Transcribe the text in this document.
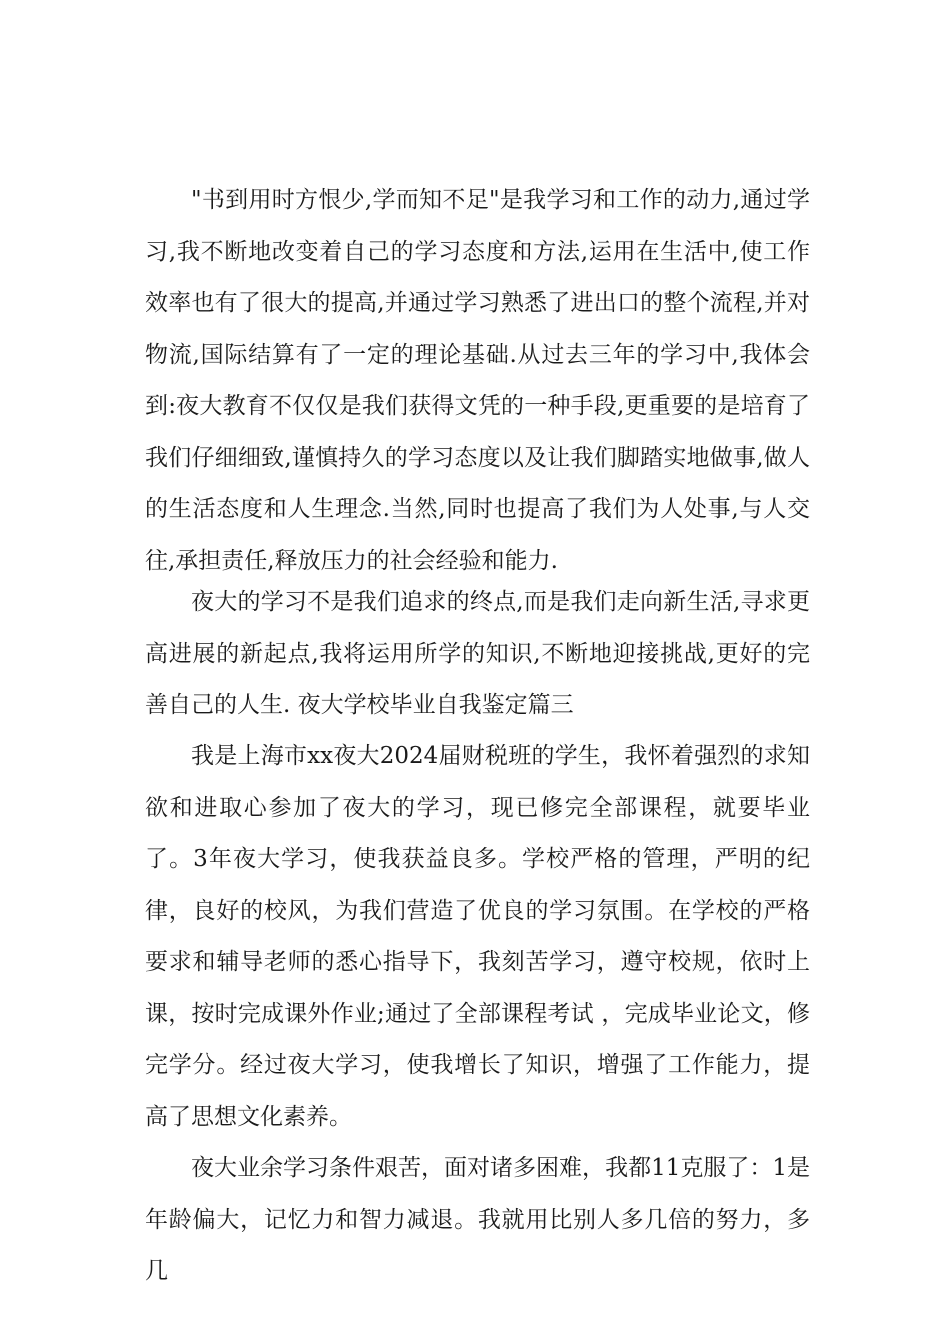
"书到用时方恨少,学而知不足"是我学习和工作的动力,通过学习,我不断地改变着自己的学习态度和方法,运用在生活中,使工作效率也有了很大的提高,并通过学习熟悉了进出口的整个流程,并对物流,国际结算有了一定的理论基础.从过去三年的学习中,我体会到:夜大教育不仅仅是我们获得文凭的一种手段,更重要的是培育了我们仔细细致,谨慎持久的学习态度以及让我们脚踏实地做事,做人的生活态度和人生理念.当然,同时也提高了我们为人处事,与人交往,承担责任,释放压力的社会经验和能力.

夜大的学习不是我们追求的终点,而是我们走向新生活,寻求更高进展的新起点,我将运用所学的知识,不断地迎接挑战,更好的完善自己的人生. 夜大学校毕业自我鉴定篇三

我是上海市xx夜大2024届财税班的学生，我怀着强烈的求知欲和进取心参加了夜大的学习，现已修完全部课程，就要毕业了。3年夜大学习，使我获益良多。学校严格的管理，严明的纪律，良好的校风，为我们营造了优良的学习氛围。在学校的严格要求和辅导老师的悉心指导下，我刻苦学习，遵守校规，依时上课，按时完成课外作业;通过了全部课程考试 ，完成毕业论文，修完学分。经过夜大学习，使我增长了知识，增强了工作能力，提高了思想文化素养。

夜大业余学习条件艰苦，面对诸多困难，我都11克服了：1是年龄偏大，记忆力和智力减退。我就用比别人多几倍的努力，多几
